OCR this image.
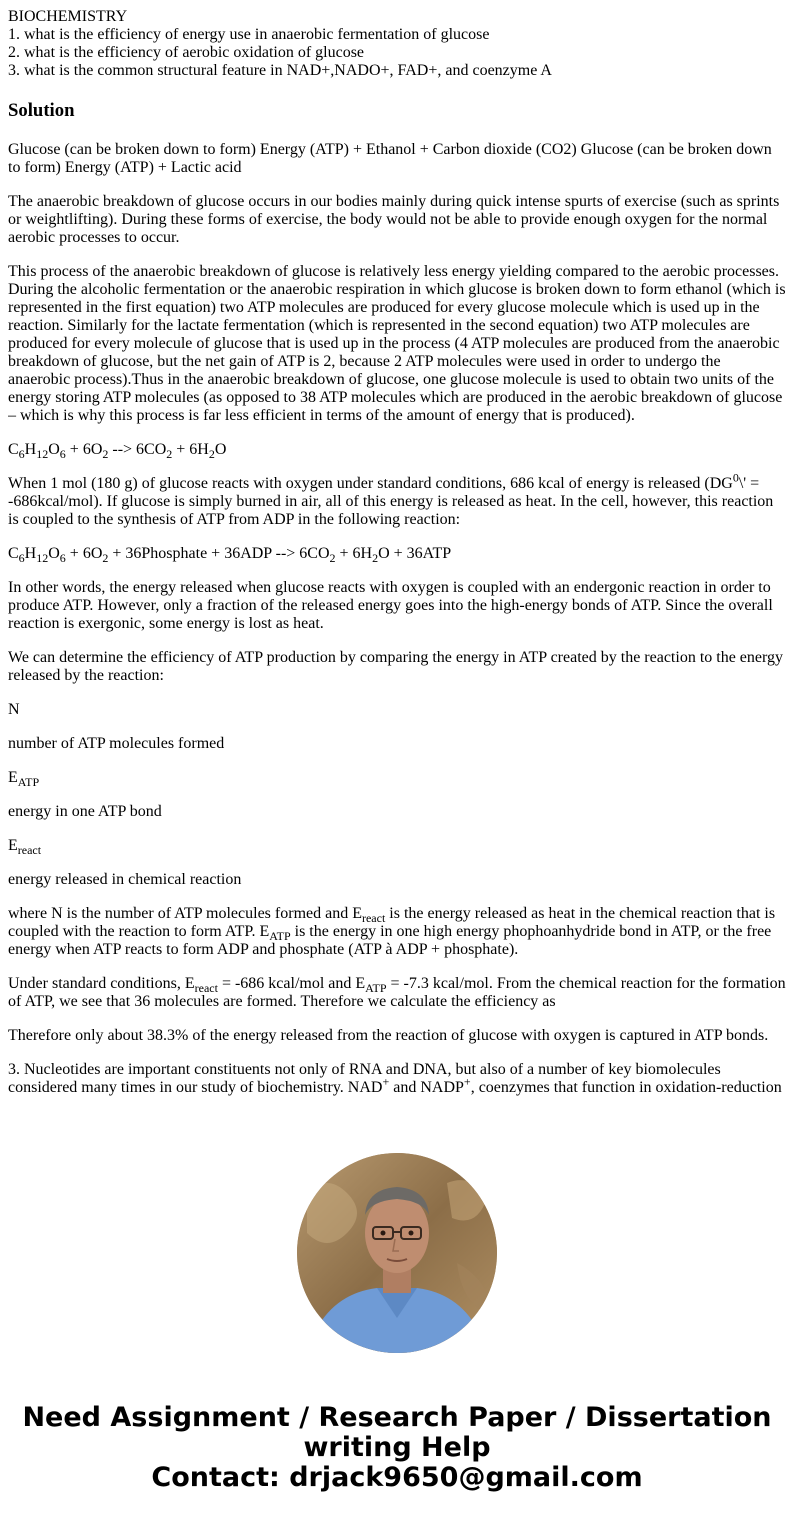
BIOCHEMISTRY
1. what is the efficiency of energy use in anaerobic fermentation of glucose
2. what is the efficiency of aerobic oxidation of glucose
3. what is the common structural feature in NAD+,NADO+, FAD+, and coenzyme A
Solution

Glucose (can be broken down to form) Energy (ATP) + Ethanol + Carbon dioxide (CO2) Glucose (can be broken down to form) Energy (ATP) + Lactic acid

The anaerobic breakdown of glucose occurs in our bodies mainly during quick intense spurts of exercise (such as sprints or weightlifting). During these forms of exercise, the body would not be able to provide enough oxygen for the normal aerobic processes to occur.

This process of the anaerobic breakdown of glucose is relatively less energy yielding compared to the aerobic processes. During the alcoholic fermentation or the anaerobic respiration in which glucose is broken down to form ethanol (which is represented in the first equation) two ATP molecules are produced for every glucose molecule which is used up in the reaction. Similarly for the lactate fermentation (which is represented in the second equation) two ATP molecules are produced for every molecule of glucose that is used up in the process (4 ATP molecules are produced from the anaerobic breakdown of glucose, but the net gain of ATP is 2, because 2 ATP molecules were used in order to undergo the anaerobic process).Thus in the anaerobic breakdown of glucose, one glucose molecule is used to obtain two units of the energy storing ATP molecules (as opposed to 38 ATP molecules which are produced in the aerobic breakdown of glucose – which is why this process is far less efficient in terms of the amount of energy that is produced).

$C_6H_{12}O_6 + 6O_2$ --> $6CO_2 + 6H_2O$

When 1 mol (180 g) of glucose reacts with oxygen under standard conditions, 686 kcal of energy is released ($DG^0\backslash'$ = -686kcal/mol). If glucose is simply burned in air, all of this energy is released as heat. In the cell, however, this reaction is coupled to the synthesis of ATP from ADP in the following reaction:

$C_6H_{12}O_6 + 6O_2$ + 36Phosphate + 36ADP --> $6CO_2 + 6H_2O + 36ATP$

In other words, the energy released when glucose reacts with oxygen is coupled with an endergonic reaction in order to produce ATP. However, only a fraction of the released energy goes into the high-energy bonds of ATP. Since the overall reaction is exergonic, some energy is lost as heat.

We can determine the efficiency of ATP production by comparing the energy in ATP created by the reaction to the energy released by the reaction:

N

number of ATP molecules formed

$E_{ATP}$

energy in one ATP bond

$E_{react}$

energy released in chemical reaction

where N is the number of ATP molecules formed and $E_{react}$ is the energy released as heat in the chemical reaction that is coupled with the reaction to form ATP. $E_{ATP}$ is the energy in one high energy phophoanhydride bond in ATP, or the free energy when ATP reacts to form ADP and phosphate (ATP à ADP + phosphate).

Under standard conditions, $E_{react} = -686$ kcal/mol and $E_{ATP} = -7.3$ kcal/mol. From the chemical reaction for the formation of ATP, we see that 36 molecules are formed. Therefore we calculate the efficiency as

Therefore only about 38.3% of the energy released from the reaction of glucose with oxygen is captured in ATP bonds.

3. Nucleotides are important constituents not only of RNA and DNA, but also of a number of key biomolecules considered many times in our study of biochemistry. NAD+ and NADP+, coenzymes that function in oxidation-reduction

Need Assignment / Research Paper / Dissertation
writing Help
Contact: drjack9650@gmail.com
